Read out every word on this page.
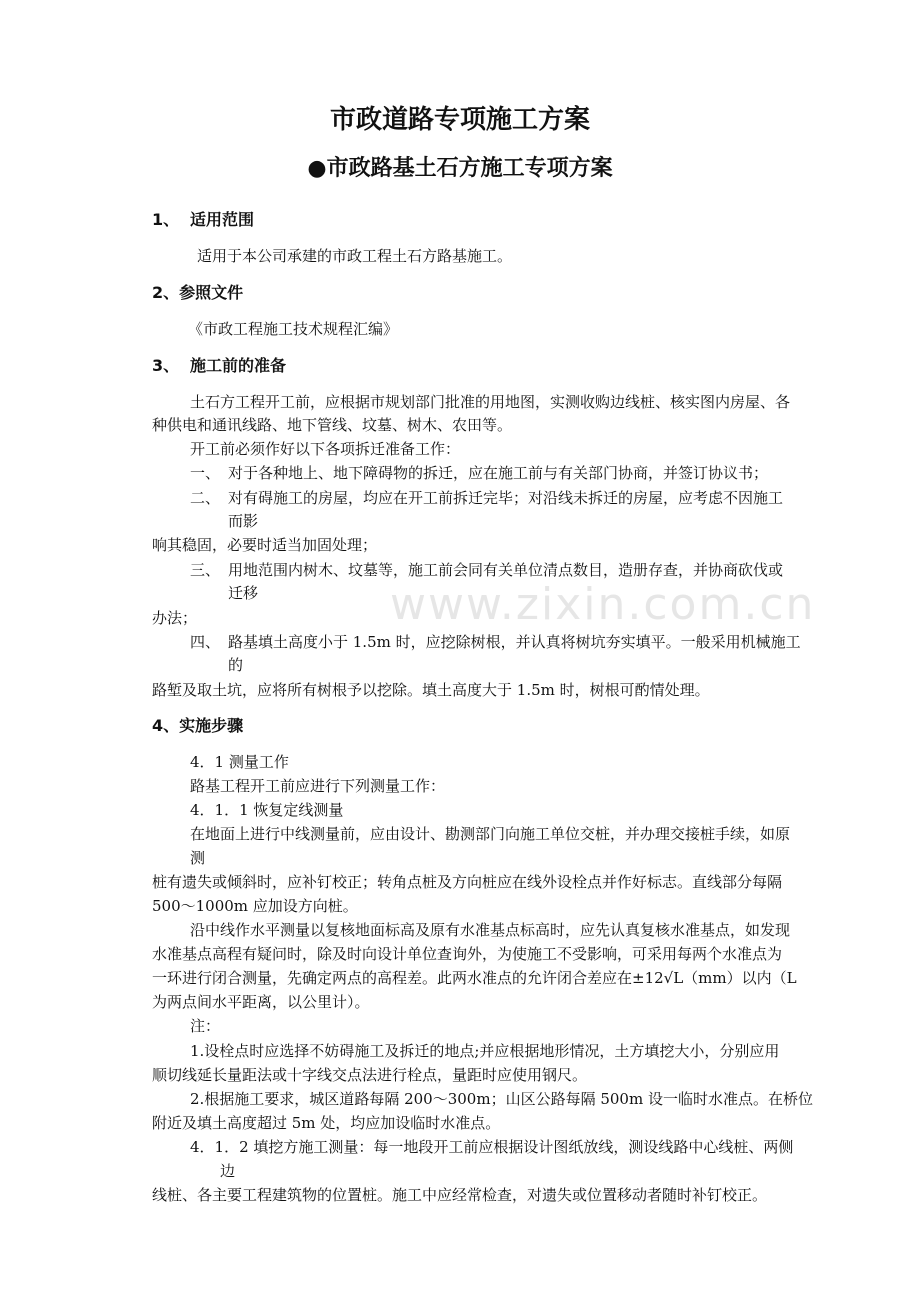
www.zixin.com.cn
市政道路专项施工方案
●市政路基土石方施工专项方案
1、 适用范围
适用于本公司承建的市政工程土石方路基施工。
2、参照文件
《市政工程施工技术规程汇编》
3、 施工前的准备
土石方工程开工前，应根据市规划部门批准的用地图，实测收购边线桩、核实图内房屋、各
种供电和通讯线路、地下管线、坟墓、树木、农田等。
开工前必须作好以下各项拆迁准备工作：
一、 对于各种地上、地下障碍物的拆迁，应在施工前与有关部门协商，并签订协议书；
二、 对有碍施工的房屋，均应在开工前拆迁完毕；对沿线未拆迁的房屋，应考虑不因施工
而影
响其稳固，必要时适当加固处理；
三、 用地范围内树木、坟墓等，施工前会同有关单位清点数目，造册存查，并协商砍伐或
迁移
办法；
四、 路基填土高度小于 1.5m 时，应挖除树根，并认真将树坑夯实填平。一般采用机械施工
的
路堑及取土坑，应将所有树根予以挖除。填土高度大于 1.5m 时，树根可酌情处理。
4、实施步骤
4．1 测量工作
路基工程开工前应进行下列测量工作：
4．1．1 恢复定线测量
在地面上进行中线测量前，应由设计、勘测部门向施工单位交桩，并办理交接桩手续，如原
测
桩有遗失或倾斜时，应补钉校正；转角点桩及方向桩应在线外设栓点并作好标志。直线部分每隔
500～1000m 应加设方向桩。
沿中线作水平测量以复核地面标高及原有水准基点标高时，应先认真复核水准基点，如发现
水准基点高程有疑问时，除及时向设计单位查询外，为使施工不受影响，可采用每两个水准点为
一环进行闭合测量，先确定两点的高程差。此两水准点的允许闭合差应在±12√L（mm）以内（L
为两点间水平距离，以公里计）。
注：
1.设栓点时应选择不妨碍施工及拆迁的地点;并应根据地形情况，土方填挖大小，分别应用
顺切线延长量距法或十字线交点法进行栓点，量距时应使用钢尺。
2.根据施工要求，城区道路每隔 200～300m；山区公路每隔 500m 设一临时水准点。在桥位
附近及填土高度超过 5m 处，均应加设临时水准点。
4．1．2 填挖方施工测量：每一地段开工前应根据设计图纸放线，测设线路中心线桩、两侧
边
线桩、各主要工程建筑物的位置桩。施工中应经常检查，对遗失或位置移动者随时补钉校正。
